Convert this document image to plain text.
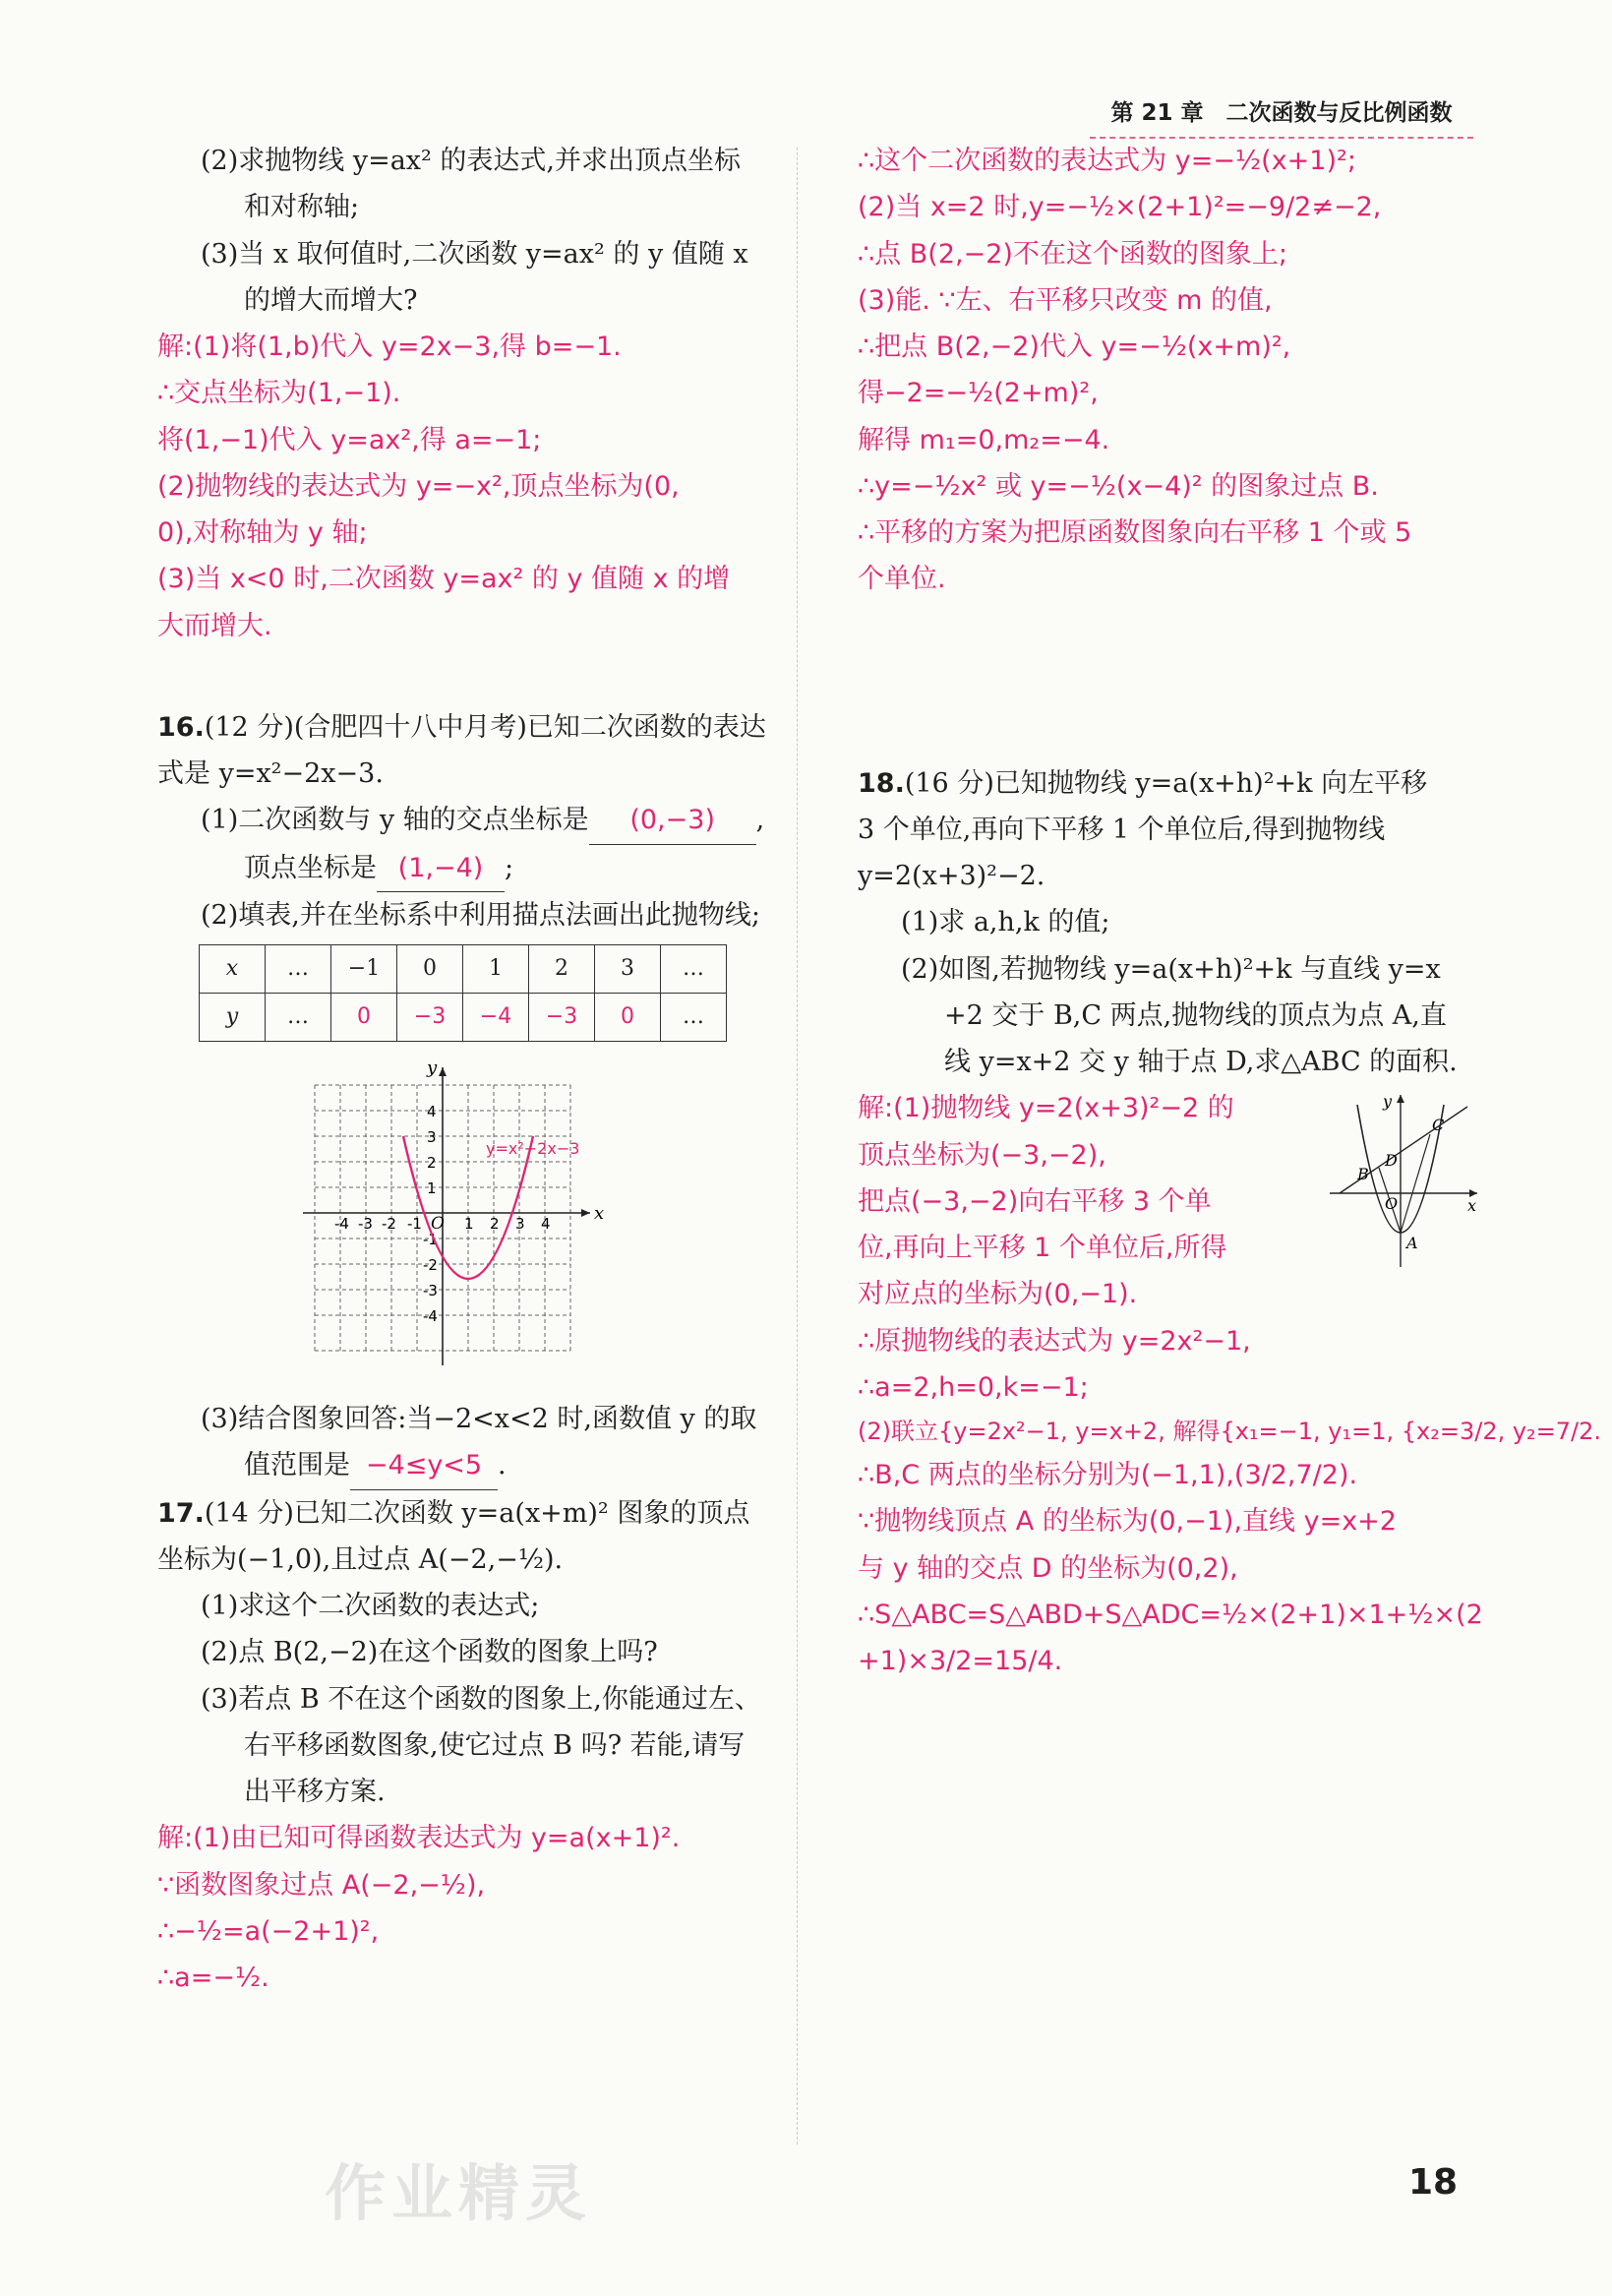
第 21 章　二次函数与反比例函数
(2)求抛物线 y=ax² 的表达式,并求出顶点坐标
和对称轴;
(3)当 x 取何值时,二次函数 y=ax² 的 y 值随 x
的增大而增大?
解:(1)将(1,b)代入 y=2x−3,得 b=−1.
∴交点坐标为(1,−1).
将(1,−1)代入 y=ax²,得 a=−1;
(2)抛物线的表达式为 y=−x²,顶点坐标为(0,
0),对称轴为 y 轴;
(3)当 x<0 时,二次函数 y=ax² 的 y 值随 x 的增
大而增大.
16.(12 分)(合肥四十八中月考)已知二次函数的表达
式是 y=x²−2x−3.
(1)二次函数与 y 轴的交点坐标是 (0,−3) ,
顶点坐标是 (1,−4) ;
(2)填表,并在坐标系中利用描点法画出此抛物线;
x	…	−1	0	1	2	3	…
y	…	0	−3	−4	−3	0	…
x
y
O
-4 -3 -2 -1	1 2 3 4
4
3
2
1
-1
-2
-3
-4
y=x²−2x−3
(3)结合图象回答:当−2<x<2 时,函数值 y 的取
值范围是 −4≤y<5 .
17.(14 分)已知二次函数 y=a(x+m)² 图象的顶点
坐标为(−1,0),且过点 A(−2,−½).
(1)求这个二次函数的表达式;
(2)点 B(2,−2)在这个函数的图象上吗?
(3)若点 B 不在这个函数的图象上,你能通过左、
右平移函数图象,使它过点 B 吗? 若能,请写
出平移方案.
解:(1)由已知可得函数表达式为 y=a(x+1)².
∵函数图象过点 A(−2,−½),
∴−½=a(−2+1)²,
∴a=−½.
∴这个二次函数的表达式为 y=−½(x+1)²;
(2)当 x=2 时,y=−½×(2+1)²=−9/2≠−2,
∴点 B(2,−2)不在这个函数的图象上;
(3)能. ∵左、右平移只改变 m 的值,
∴把点 B(2,−2)代入 y=−½(x+m)²,
得−2=−½(2+m)²,
解得 m₁=0,m₂=−4.
∴y=−½x² 或 y=−½(x−4)² 的图象过点 B.
∴平移的方案为把原函数图象向右平移 1 个或 5
个单位.
18.(16 分)已知抛物线 y=a(x+h)²+k 向左平移
3 个单位,再向下平移 1 个单位后,得到抛物线
y=2(x+3)²−2.
(1)求 a,h,k 的值;
(2)如图,若抛物线 y=a(x+h)²+k 与直线 y=x
+2 交于 B,C 两点,抛物线的顶点为点 A,直
线 y=x+2 交 y 轴于点 D,求△ABC 的面积.
解:(1)抛物线 y=2(x+3)²−2 的
顶点坐标为(−3,−2),
把点(−3,−2)向右平移 3 个单
位,再向上平移 1 个单位后,所得
对应点的坐标为(0,−1).
y
x
O
A
B
C
D
∴原抛物线的表达式为 y=2x²−1,
∴a=2,h=0,k=−1;
(2)联立{y=2x²−1, y=x+2, 解得{x₁=−1, y₁=1, {x₂=3/2, y₂=7/2.
∴B,C 两点的坐标分别为(−1,1),(3/2,7/2).
∵抛物线顶点 A 的坐标为(0,−1),直线 y=x+2
与 y 轴的交点 D 的坐标为(0,2),
∴S△ABC=S△ABD+S△ADC=½×(2+1)×1+½×(2
+1)×3/2=15/4.
作业精灵	18
